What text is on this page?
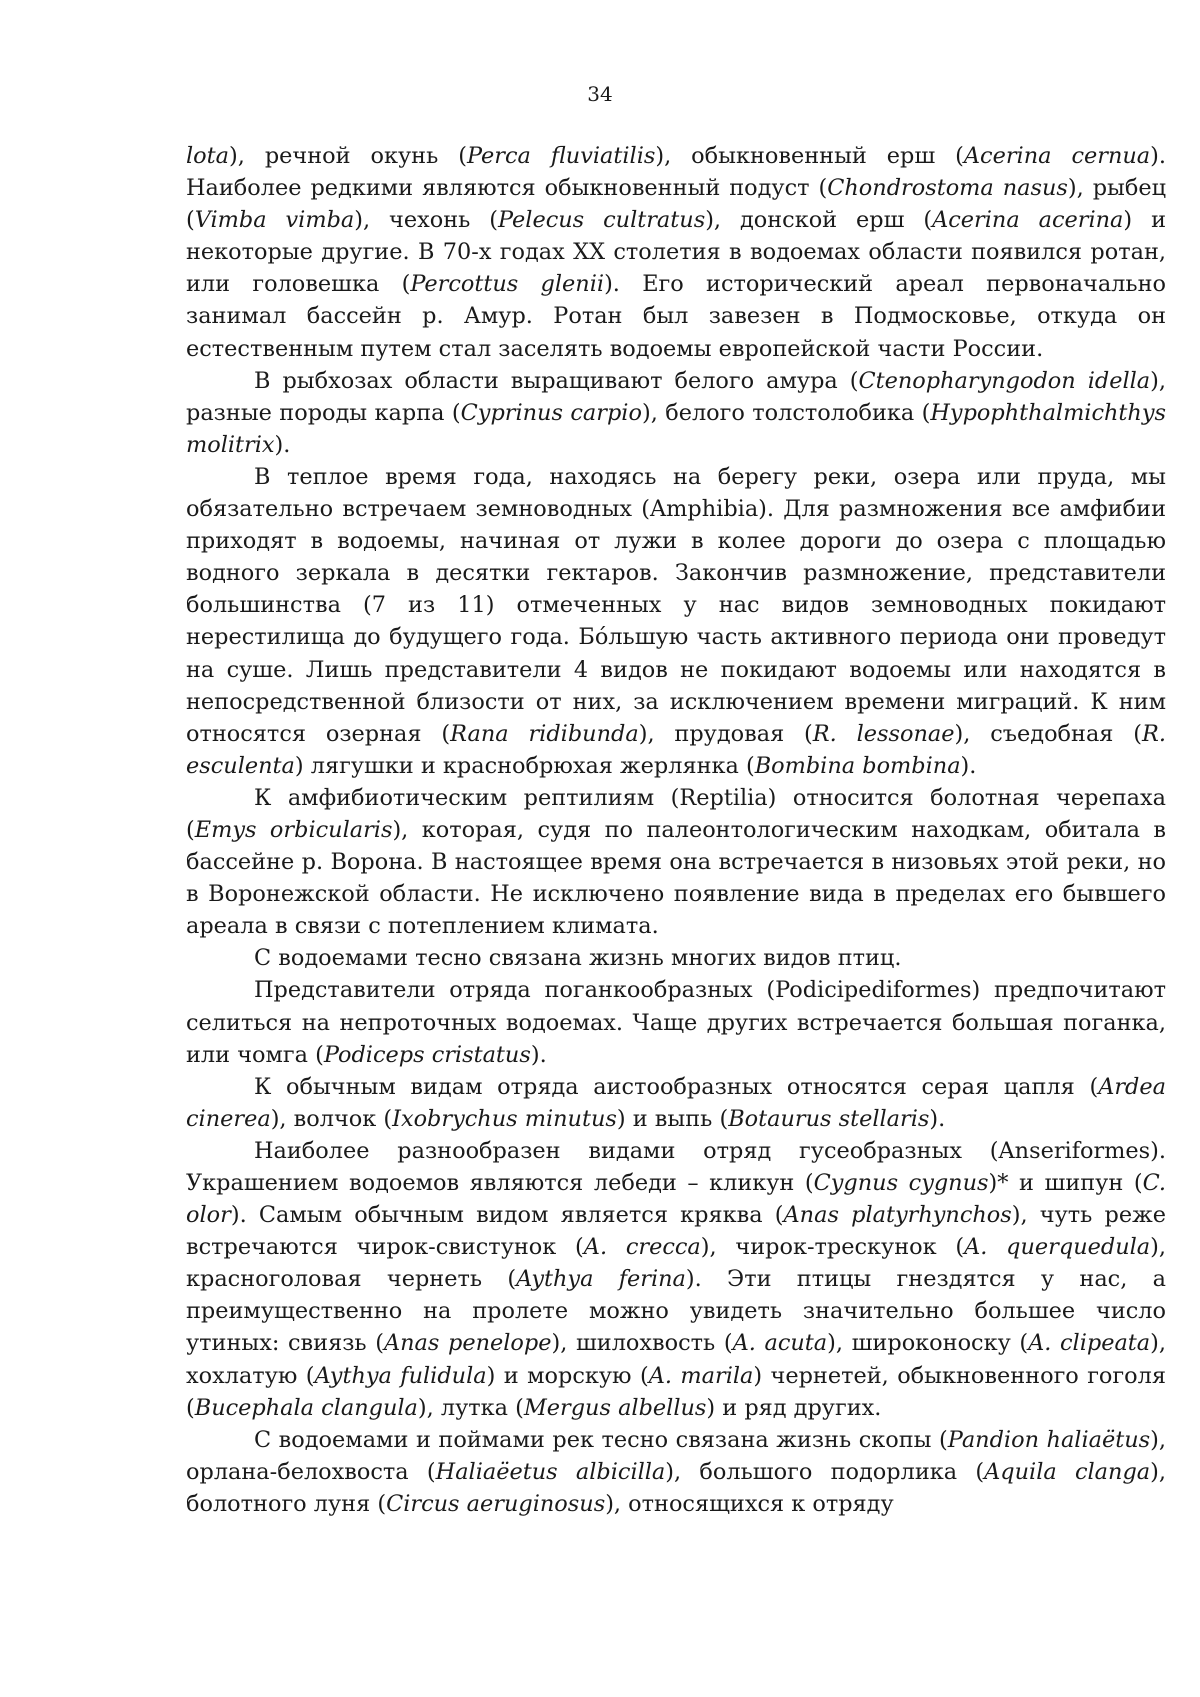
34

lota), речной окунь (Perca fluviatilis), обыкновенный ерш (Acerina cernua). Наиболее редкими являются обыкновенный подуст (Chondrostoma nasus), рыбец (Vimba vimba), чехонь (Pelecus cultratus), донской ерш (Acerina acerina) и некоторые другие. В 70-х годах XX столетия в водоемах области появился ротан, или головешка (Percottus glenii). Его исторический ареал первоначально занимал бассейн р. Амур. Ротан был завезен в Подмосковье, откуда он естественным путем стал заселять водоемы европейской части России.

В рыбхозах области выращивают белого амура (Ctenopharyngodon idella), разные породы карпа (Cyprinus carpio), белого толстолобика (Hypophthalmichthys molitrix).

В теплое время года, находясь на берегу реки, озера или пруда, мы обязательно встречаем земноводных (Amphibia). Для размножения все амфибии приходят в водоемы, начиная от лужи в колее дороги до озера с площадью водного зеркала в десятки гектаров. Закончив размножение, представители большинства (7 из 11) отмеченных у нас видов земноводных покидают нерестилища до будущего года. Бóльшую часть активного периода они проведут на суше. Лишь представители 4 видов не покидают водоемы или находятся в непосредственной близости от них, за исключением времени миграций. К ним относятся озерная (Rana ridibunda), прудовая (R. lessonae), съедобная (R. esculenta) лягушки и краснобрюхая жерлянка (Bombina bombina).

К амфибиотическим рептилиям (Reptilia) относится болотная черепаха (Emys orbicularis), которая, судя по палеонтологическим находкам, обитала в бассейне р. Ворона. В настоящее время она встречается в низовьях этой реки, но в Воронежской области. Не исключено появление вида в пределах его бывшего ареала в связи с потеплением климата.

С водоемами тесно связана жизнь многих видов птиц.

Представители отряда поганкообразных (Podicipediformes) предпочитают селиться на непроточных водоемах. Чаще других встречается большая поганка, или чомга (Podiceps cristatus).

К обычным видам отряда аистообразных относятся серая цапля (Ardea cinerea), волчок (Ixobrychus minutus) и выпь (Botaurus stellaris).

Наиболее разнообразен видами отряд гусеобразных (Anseriformes). Украшением водоемов являются лебеди – кликун (Cygnus cygnus)* и шипун (C. olor). Самым обычным видом является кряква (Anas platyrhynchos), чуть реже встречаются чирок-свистунок (A. crecca), чирок-трескунок (A. querquedula), красноголовая чернеть (Aythya ferina). Эти птицы гнездятся у нас, а преимущественно на пролете можно увидеть значительно большее число утиных: свиязь (Anas penelope), шилохвость (A. acuta), широконоску (A. clipeata), хохлатую (Aythya fulidula) и морскую (A. marila) чернетей, обыкновенного гоголя (Bucephala clangula), лутка (Mergus albellus) и ряд других.

С водоемами и поймами рек тесно связана жизнь скопы (Pandion haliaëtus), орлана-белохвоста (Haliaëetus albicilla), большого подорлика (Aquila clanga), болотного луня (Circus aeruginosus), относящихся к отряду
